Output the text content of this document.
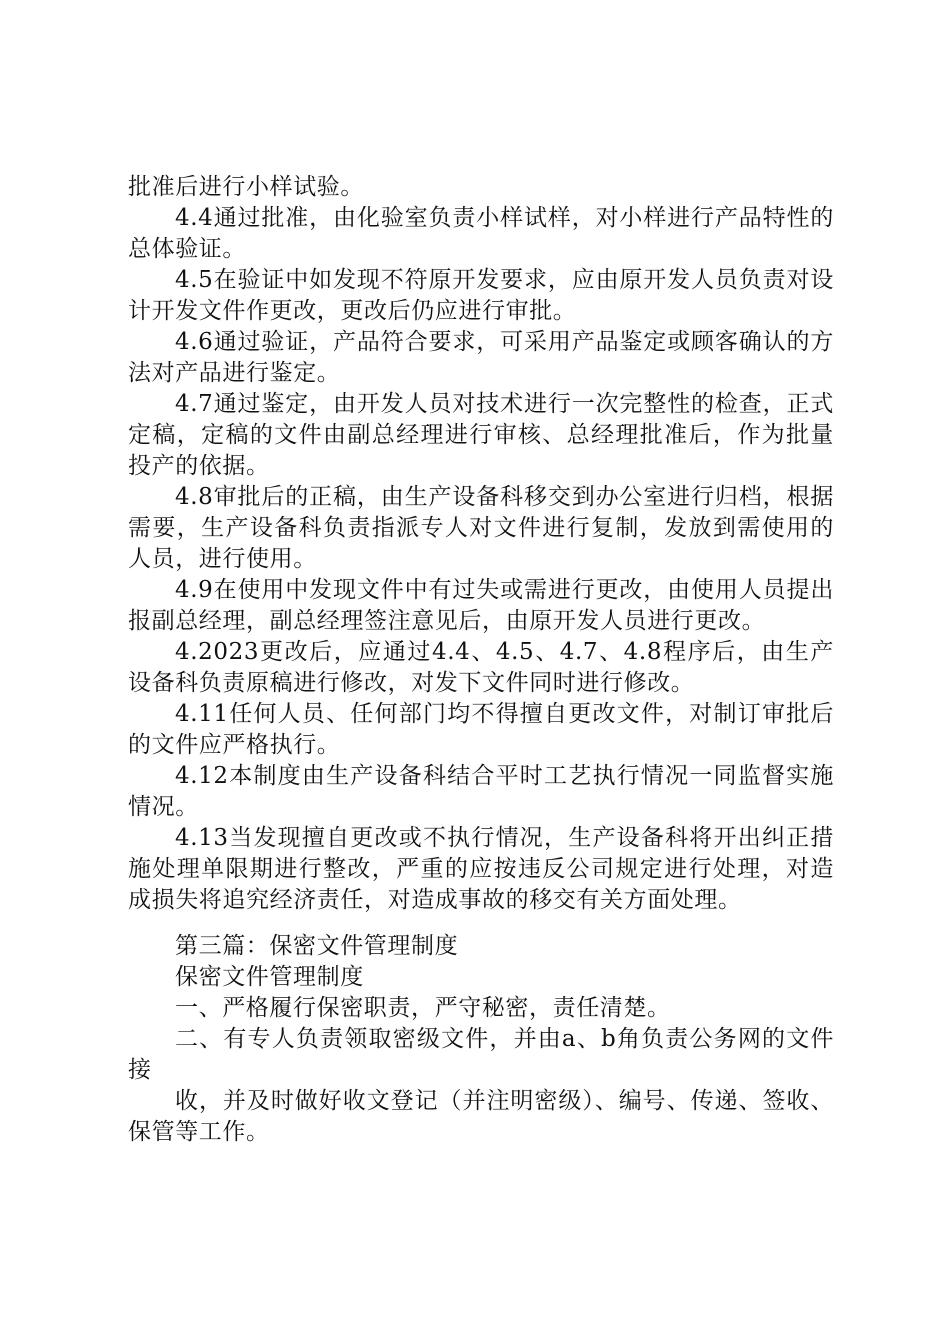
批准后进行小样试验。

4.4通过批准，由化验室负责小样试样，对小样进行产品特性的总体验证。

4.5在验证中如发现不符原开发要求，应由原开发人员负责对设计开发文件作更改，更改后仍应进行审批。

4.6通过验证，产品符合要求，可采用产品鉴定或顾客确认的方法对产品进行鉴定。

4.7通过鉴定，由开发人员对技术进行一次完整性的检查，正式定稿，定稿的文件由副总经理进行审核、总经理批准后，作为批量投产的依据。

4.8审批后的正稿，由生产设备科移交到办公室进行归档，根据需要，生产设备科负责指派专人对文件进行复制，发放到需使用的人员，进行使用。

4.9在使用中发现文件中有过失或需进行更改，由使用人员提出报副总经理，副总经理签注意见后，由原开发人员进行更改。

4.2023更改后，应通过4.4、4.5、4.7、4.8程序后，由生产设备科负责原稿进行修改，对发下文件同时进行修改。

4.11任何人员、任何部门均不得擅自更改文件，对制订审批后的文件应严格执行。

4.12本制度由生产设备科结合平时工艺执行情况一同监督实施情况。

4.13当发现擅自更改或不执行情况，生产设备科将开出纠正措施处理单限期进行整改，严重的应按违反公司规定进行处理，对造成损失将追究经济责任，对造成事故的移交有关方面处理。

第三篇：保密文件管理制度

保密文件管理制度

一、严格履行保密职责，严守秘密，责任清楚。

二、有专人负责领取密级文件，并由a、b角负责公务网的文件接

收，并及时做好收文登记（并注明密级）、编号、传递、签收、保管等工作。
